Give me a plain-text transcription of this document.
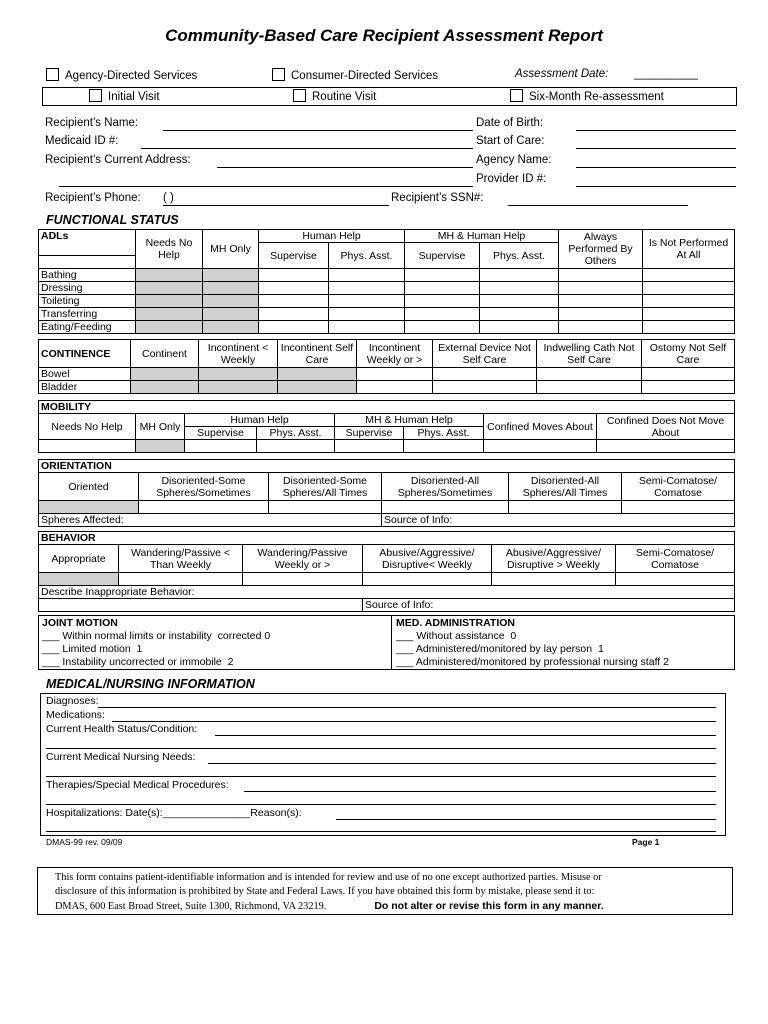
Community-Based Care Recipient Assessment Report
Agency-Directed Services	Consumer-Directed Services	Assessment Date: __________
Initial Visit	Routine Visit	Six-Month Re-assessment
Recipient’s Name:
Medicaid ID #:
Recipient’s Current Address:
Date of Birth:
Start of Care:
Agency Name:
Provider ID #:
Recipient’s Phone: ( )	Recipient’s SSN#:
FUNCTIONAL STATUS
ADLs	Needs No Help	MH Only	Human Help		MH & Human Help		Always Performed By Others	Is Not Performed At All
			Supervise	Phys. Asst.	Supervise	Phys. Asst.		

Bathing								
Dressing								
Toileting								
Transferring								
Eating/Feeding								
CONTINENCE	Continent	Incontinent < Weekly	Incontinent Self Care	Incontinent Weekly or >	External Device Not Self Care	Indwelling Cath Not Self Care	Ostomy Not Self Care
Bowel							
Bladder							
MOBILITY							
Needs No Help	MH Only	Human Help		MH & Human Help		Confined Moves About	Confined Does Not Move About
		Supervise	Phys. Asst.	Supervise	Phys. Asst.		

ORIENTATION					
Oriented	Disoriented-Some Spheres/Sometimes	Disoriented-Some Spheres/All Times	Disoriented-All Spheres/Sometimes	Disoriented-All Spheres/All Times	Semi-Comatose/ Comatose

Spheres Affected:			Source of Info:		
BEHAVIOR					
Appropriate	Wandering/Passive < Than Weekly	Wandering/Passive Weekly or >	Abusive/Aggressive/ Disruptive< Weekly	Abusive/Aggressive/ Disruptive > Weekly	Semi-Comatose/ Comatose

Describe Inappropriate Behavior:					
			Source of Info:		
JOINT MOTION
___ Within normal limits or instability  corrected 0
___ Limited motion  1
___ Instability uncorrected or immobile  2
MED. ADMINISTRATION
___ Without assistance  0
___ Administered/monitored by lay person  1
___ Administered/monitored by professional nursing staff 2
MEDICAL/NURSING INFORMATION
Diagnoses:
Medications:
Current Health Status/Condition:
Current Medical Nursing Needs:
Therapies/Special Medical Procedures:
Hospitalizations: Date(s):_______________Reason(s):
DMAS-99 rev. 09/09	Page 1
This form contains patient-identifiable information and is intended for review and use of no one except authorized parties. Misuse or
disclosure of this information is prohibited by State and Federal Laws. If you have obtained this form by mistake, please send it to:
DMAS, 600 East Broad Street, Suite 1300, Richmond, VA 23219.	Do not alter or revise this form in any manner.
